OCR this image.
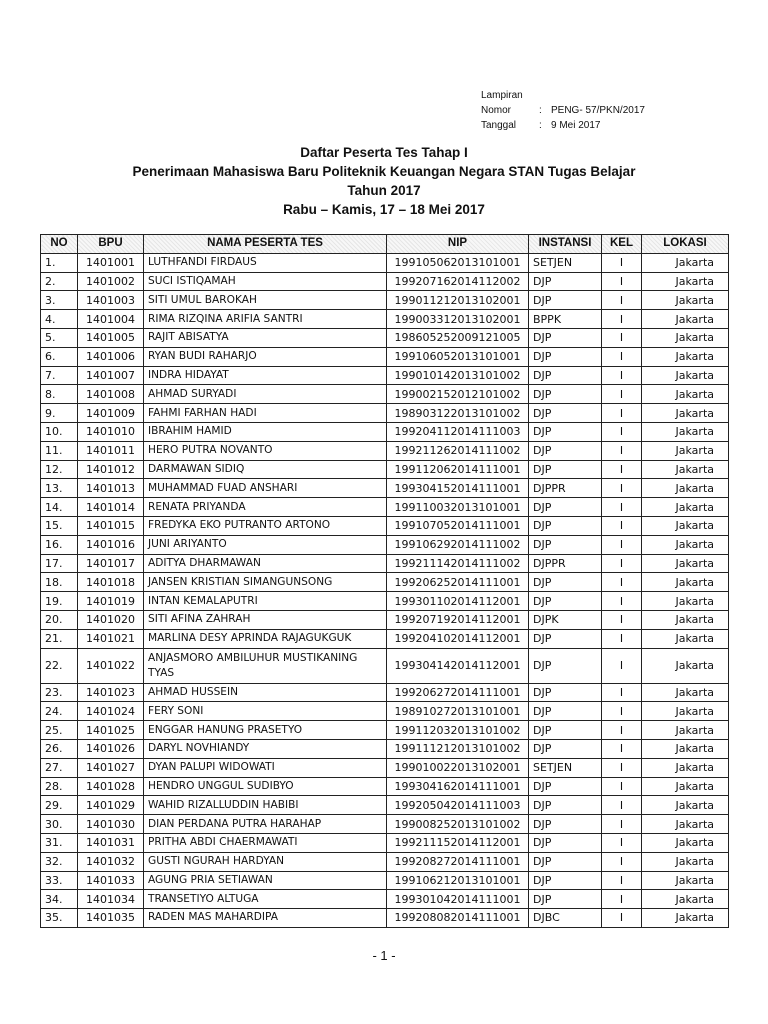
Lampiran
Nomor	: PENG- 57/PKN/2017
Tanggal	: 9 Mei 2017
Daftar Peserta Tes Tahap I
Penerimaan Mahasiswa Baru Politeknik Keuangan Negara STAN Tugas Belajar
Tahun 2017
Rabu – Kamis, 17 – 18 Mei 2017
NO	BPU	NAMA PESERTA TES	NIP	INSTANSI	KEL	LOKASI
1.	1401001	LUTHFANDI FIRDAUS	199105062013101001	SETJEN	I	Jakarta
2.	1401002	SUCI ISTIQAMAH	199207162014112002	DJP	I	Jakarta
3.	1401003	SITI UMUL BAROKAH	199011212013102001	DJP	I	Jakarta
4.	1401004	RIMA RIZQINA ARIFIA SANTRI	199003312013102001	BPPK	I	Jakarta
5.	1401005	RAJIT ABISATYA	198605252009121005	DJP	I	Jakarta
6.	1401006	RYAN BUDI RAHARJO	199106052013101001	DJP	I	Jakarta
7.	1401007	INDRA HIDAYAT	199010142013101002	DJP	I	Jakarta
8.	1401008	AHMAD SURYADI	199002152012101002	DJP	I	Jakarta
9.	1401009	FAHMI FARHAN HADI	198903122013101002	DJP	I	Jakarta
10.	1401010	IBRAHIM HAMID	199204112014111003	DJP	I	Jakarta
11.	1401011	HERO PUTRA NOVANTO	199211262014111002	DJP	I	Jakarta
12.	1401012	DARMAWAN SIDIQ	199112062014111001	DJP	I	Jakarta
13.	1401013	MUHAMMAD FUAD ANSHARI	199304152014111001	DJPPR	I	Jakarta
14.	1401014	RENATA PRIYANDA	199110032013101001	DJP	I	Jakarta
15.	1401015	FREDYKA EKO PUTRANTO ARTONO	199107052014111001	DJP	I	Jakarta
16.	1401016	JUNI ARIYANTO	199106292014111002	DJP	I	Jakarta
17.	1401017	ADITYA DHARMAWAN	199211142014111002	DJPPR	I	Jakarta
18.	1401018	JANSEN KRISTIAN SIMANGUNSONG	199206252014111001	DJP	I	Jakarta
19.	1401019	INTAN KEMALAPUTRI	199301102014112001	DJP	I	Jakarta
20.	1401020	SITI AFINA ZAHRAH	199207192014112001	DJPK	I	Jakarta
21.	1401021	MARLINA DESY APRINDA RAJAGUKGUK	199204102014112001	DJP	I	Jakarta
22.	1401022	ANJASMORO AMBILUHUR MUSTIKANING TYAS	199304142014112001	DJP	I	Jakarta
23.	1401023	AHMAD HUSSEIN	199206272014111001	DJP	I	Jakarta
24.	1401024	FERY SONI	198910272013101001	DJP	I	Jakarta
25.	1401025	ENGGAR HANUNG PRASETYO	199112032013101002	DJP	I	Jakarta
26.	1401026	DARYL NOVHIANDY	199111212013101002	DJP	I	Jakarta
27.	1401027	DYAN PALUPI WIDOWATI	199010022013102001	SETJEN	I	Jakarta
28.	1401028	HENDRO UNGGUL SUDIBYO	199304162014111001	DJP	I	Jakarta
29.	1401029	WAHID RIZALLUDDIN HABIBI	199205042014111003	DJP	I	Jakarta
30.	1401030	DIAN PERDANA PUTRA HARAHAP	199008252013101002	DJP	I	Jakarta
31.	1401031	PRITHA ABDI CHAERMAWATI	199211152014112001	DJP	I	Jakarta
32.	1401032	GUSTI NGURAH HARDYAN	199208272014111001	DJP	I	Jakarta
33.	1401033	AGUNG PRIA SETIAWAN	199106212013101001	DJP	I	Jakarta
34.	1401034	TRANSETIYO ALTUGA	199301042014111001	DJP	I	Jakarta
35.	1401035	RADEN MAS MAHARDIPA	199208082014111001	DJBC	I	Jakarta
- 1 -
